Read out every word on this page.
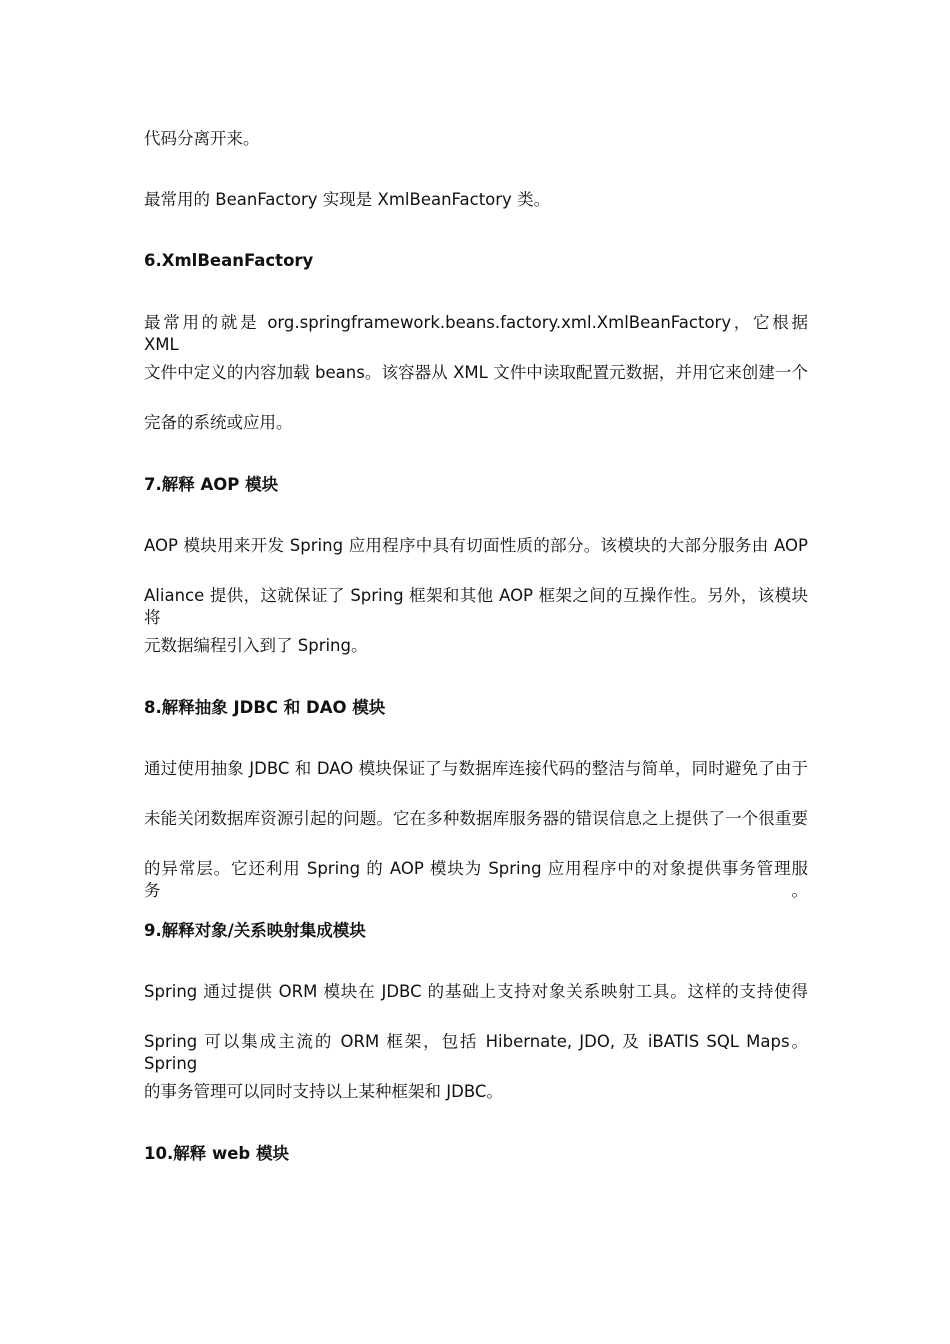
代码分离开来。
最常用的 BeanFactory 实现是 XmlBeanFactory 类。
6.XmlBeanFactory
最常用的就是 org.springframework.beans.factory.xml.XmlBeanFactory，它根据 XML
文件中定义的内容加载 beans。该容器从 XML 文件中读取配置元数据，并用它来创建一个
完备的系统或应用。
7.解释 AOP 模块
AOP 模块用来开发 Spring 应用程序中具有切面性质的部分。该模块的大部分服务由 AOP
Aliance 提供，这就保证了 Spring 框架和其他 AOP 框架之间的互操作性。另外，该模块将
元数据编程引入到了 Spring。
8.解释抽象 JDBC 和 DAO 模块
通过使用抽象 JDBC 和 DAO 模块保证了与数据库连接代码的整洁与简单，同时避免了由于
未能关闭数据库资源引起的问题。它在多种数据库服务器的错误信息之上提供了一个很重要
的异常层。它还利用 Spring 的 AOP 模块为 Spring 应用程序中的对象提供事务管理服务。
9.解释对象/关系映射集成模块
Spring 通过提供 ORM 模块在 JDBC 的基础上支持对象关系映射工具。这样的支持使得
Spring 可以集成主流的 ORM 框架，包括 Hibernate, JDO, 及 iBATIS SQL Maps。Spring
的事务管理可以同时支持以上某种框架和 JDBC。
10.解释 web 模块
